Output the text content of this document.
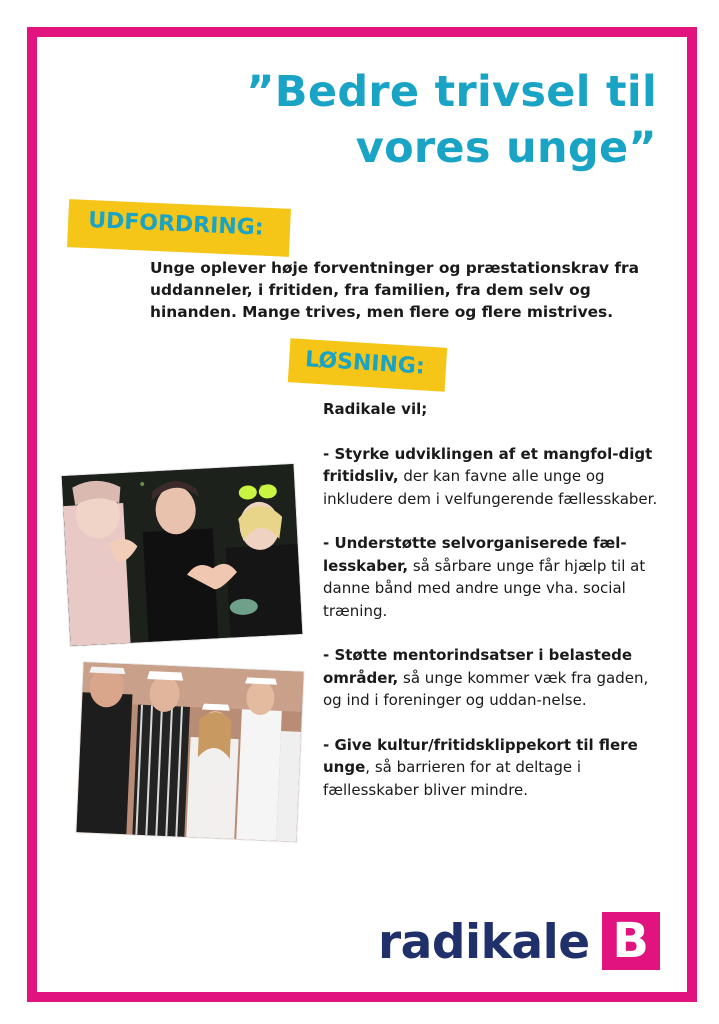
”Bedre trivsel til
vores unge”
UDFORDRING:

Unge oplever høje forventninger og præstationskrav fra uddanneler, i fritiden, fra familien, fra dem selv og hinanden. Mange trives, men flere og flere mistrives.

LØSNING:

Radikale vil;

- Styrke udviklingen af et mangfol-digt fritidsliv, der kan favne alle unge og inkludere dem i velfungerende fællesskaber.

- Understøtte selvorganiserede fæl-lesskaber, så sårbare unge får hjælp til at danne bånd med andre unge vha. social træning.

- Støtte mentorindsatser i belastede områder, så unge kommer væk fra gaden, og ind i foreninger og uddan-nelse.

- Give kultur/fritidsklippekort til flere unge, så barrieren for at deltage i fællesskaber bliver mindre.

radikale B
